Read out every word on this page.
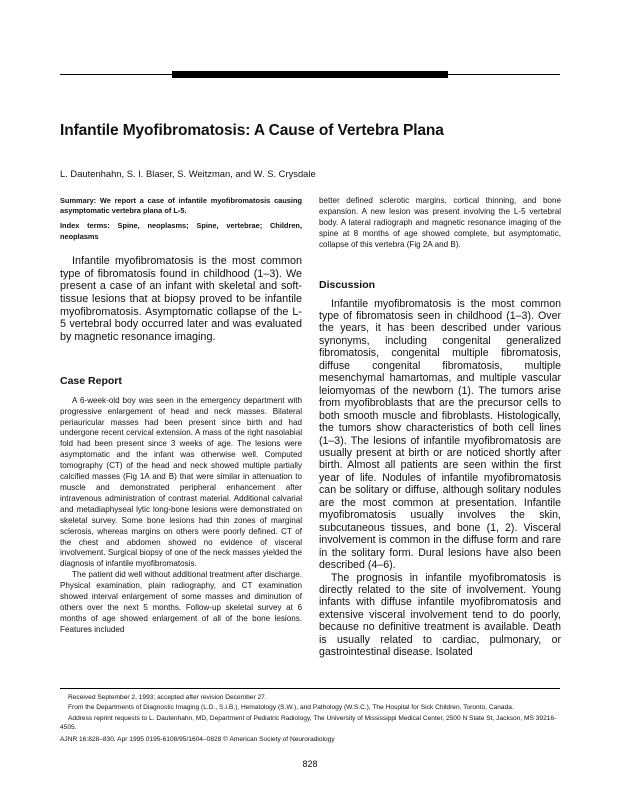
Infantile Myofibromatosis: A Cause of Vertebra Plana
L. Dautenhahn, S. I. Blaser, S. Weitzman, and W. S. Crysdale

Summary: We report a case of infantile myofibromatosis causing asymptomatic vertebra plana of L-5.

Index terms: Spine, neoplasms; Spine, vertebrae; Children, neoplasms

Infantile myofibromatosis is the most common type of fibromatosis found in childhood (1–3). We present a case of an infant with skeletal and soft-tissue lesions that at biopsy proved to be infantile myofibromatosis. Asymptomatic collapse of the L-5 vertebral body occurred later and was evaluated by magnetic resonance imaging.

Case Report

A 6-week-old boy was seen in the emergency department with progressive enlargement of head and neck masses. Bilateral periauricular masses had been present since birth and had undergone recent cervical extension. A mass of the right nasolabial fold had been present since 3 weeks of age. The lesions were asymptomatic and the infant was otherwise well. Computed tomography (CT) of the head and neck showed multiple partially calcified masses (Fig 1A and B) that were similar in attenuation to muscle and demonstrated peripheral enhancement after intravenous administration of contrast material. Additional calvarial and metadiaphyseal lytic long-bone lesions were demonstrated on skeletal survey. Some bone lesions had thin zones of marginal sclerosis, whereas margins on others were poorly defined. CT of the chest and abdomen showed no evidence of visceral involvement. Surgical biopsy of one of the neck masses yielded the diagnosis of infantile myofibromatosis.

The patient did well without additional treatment after discharge. Physical examination, plain radiography, and CT examination showed interval enlargement of some masses and diminution of others over the next 5 months. Follow-up skeletal survey at 6 months of age showed enlargement of all of the bone lesions. Features included

better defined sclerotic margins, cortical thinning, and bone expansion. A new lesion was present involving the L-5 vertebral body. A lateral radiograph and magnetic resonance imaging of the spine at 8 months of age showed complete, but asymptomatic, collapse of this vertebra (Fig 2A and B).

Discussion

Infantile myofibromatosis is the most common type of fibromatosis seen in childhood (1–3). Over the years, it has been described under various synonyms, including congenital generalized fibromatosis, congenital multiple fibromatosis, diffuse congenital fibromatosis, multiple mesenchymal hamartomas, and multiple vascular leiomyomas of the newborn (1). The tumors arise from myofibroblasts that are the precursor cells to both smooth muscle and fibroblasts. Histologically, the tumors show characteristics of both cell lines (1–3). The lesions of infantile myofibromatosis are usually present at birth or are noticed shortly after birth. Almost all patients are seen within the first year of life. Nodules of infantile myofibromatosis can be solitary or diffuse, although solitary nodules are the most common at presentation. Infantile myofibromatosis usually involves the skin, subcutaneous tissues, and bone (1, 2). Visceral involvement is common in the diffuse form and rare in the solitary form. Dural lesions have also been described (4–6).

The prognosis in infantile myofibromatosis is directly related to the site of involvement. Young infants with diffuse infantile myofibromatosis and extensive visceral involvement tend to do poorly, because no definitive treatment is available. Death is usually related to cardiac, pulmonary, or gastrointestinal disease. Isolated

Received September 2, 1993; accepted after revision December 27.

From the Departments of Diagnostic Imaging (L.D., S.I.B.), Hematology (S.W.), and Pathology (W.S.C.), The Hospital for Sick Children, Toronto, Canada.

Address reprint requests to L. Dautenhahn, MD, Department of Pediatric Radiology, The University of Mississippi Medical Center, 2500 N State St, Jackson, MS 39216-4505.

AJNR 16:828–830, Apr 1995 0195-6108/95/1604–0828 © American Society of Neuroradiology

828
